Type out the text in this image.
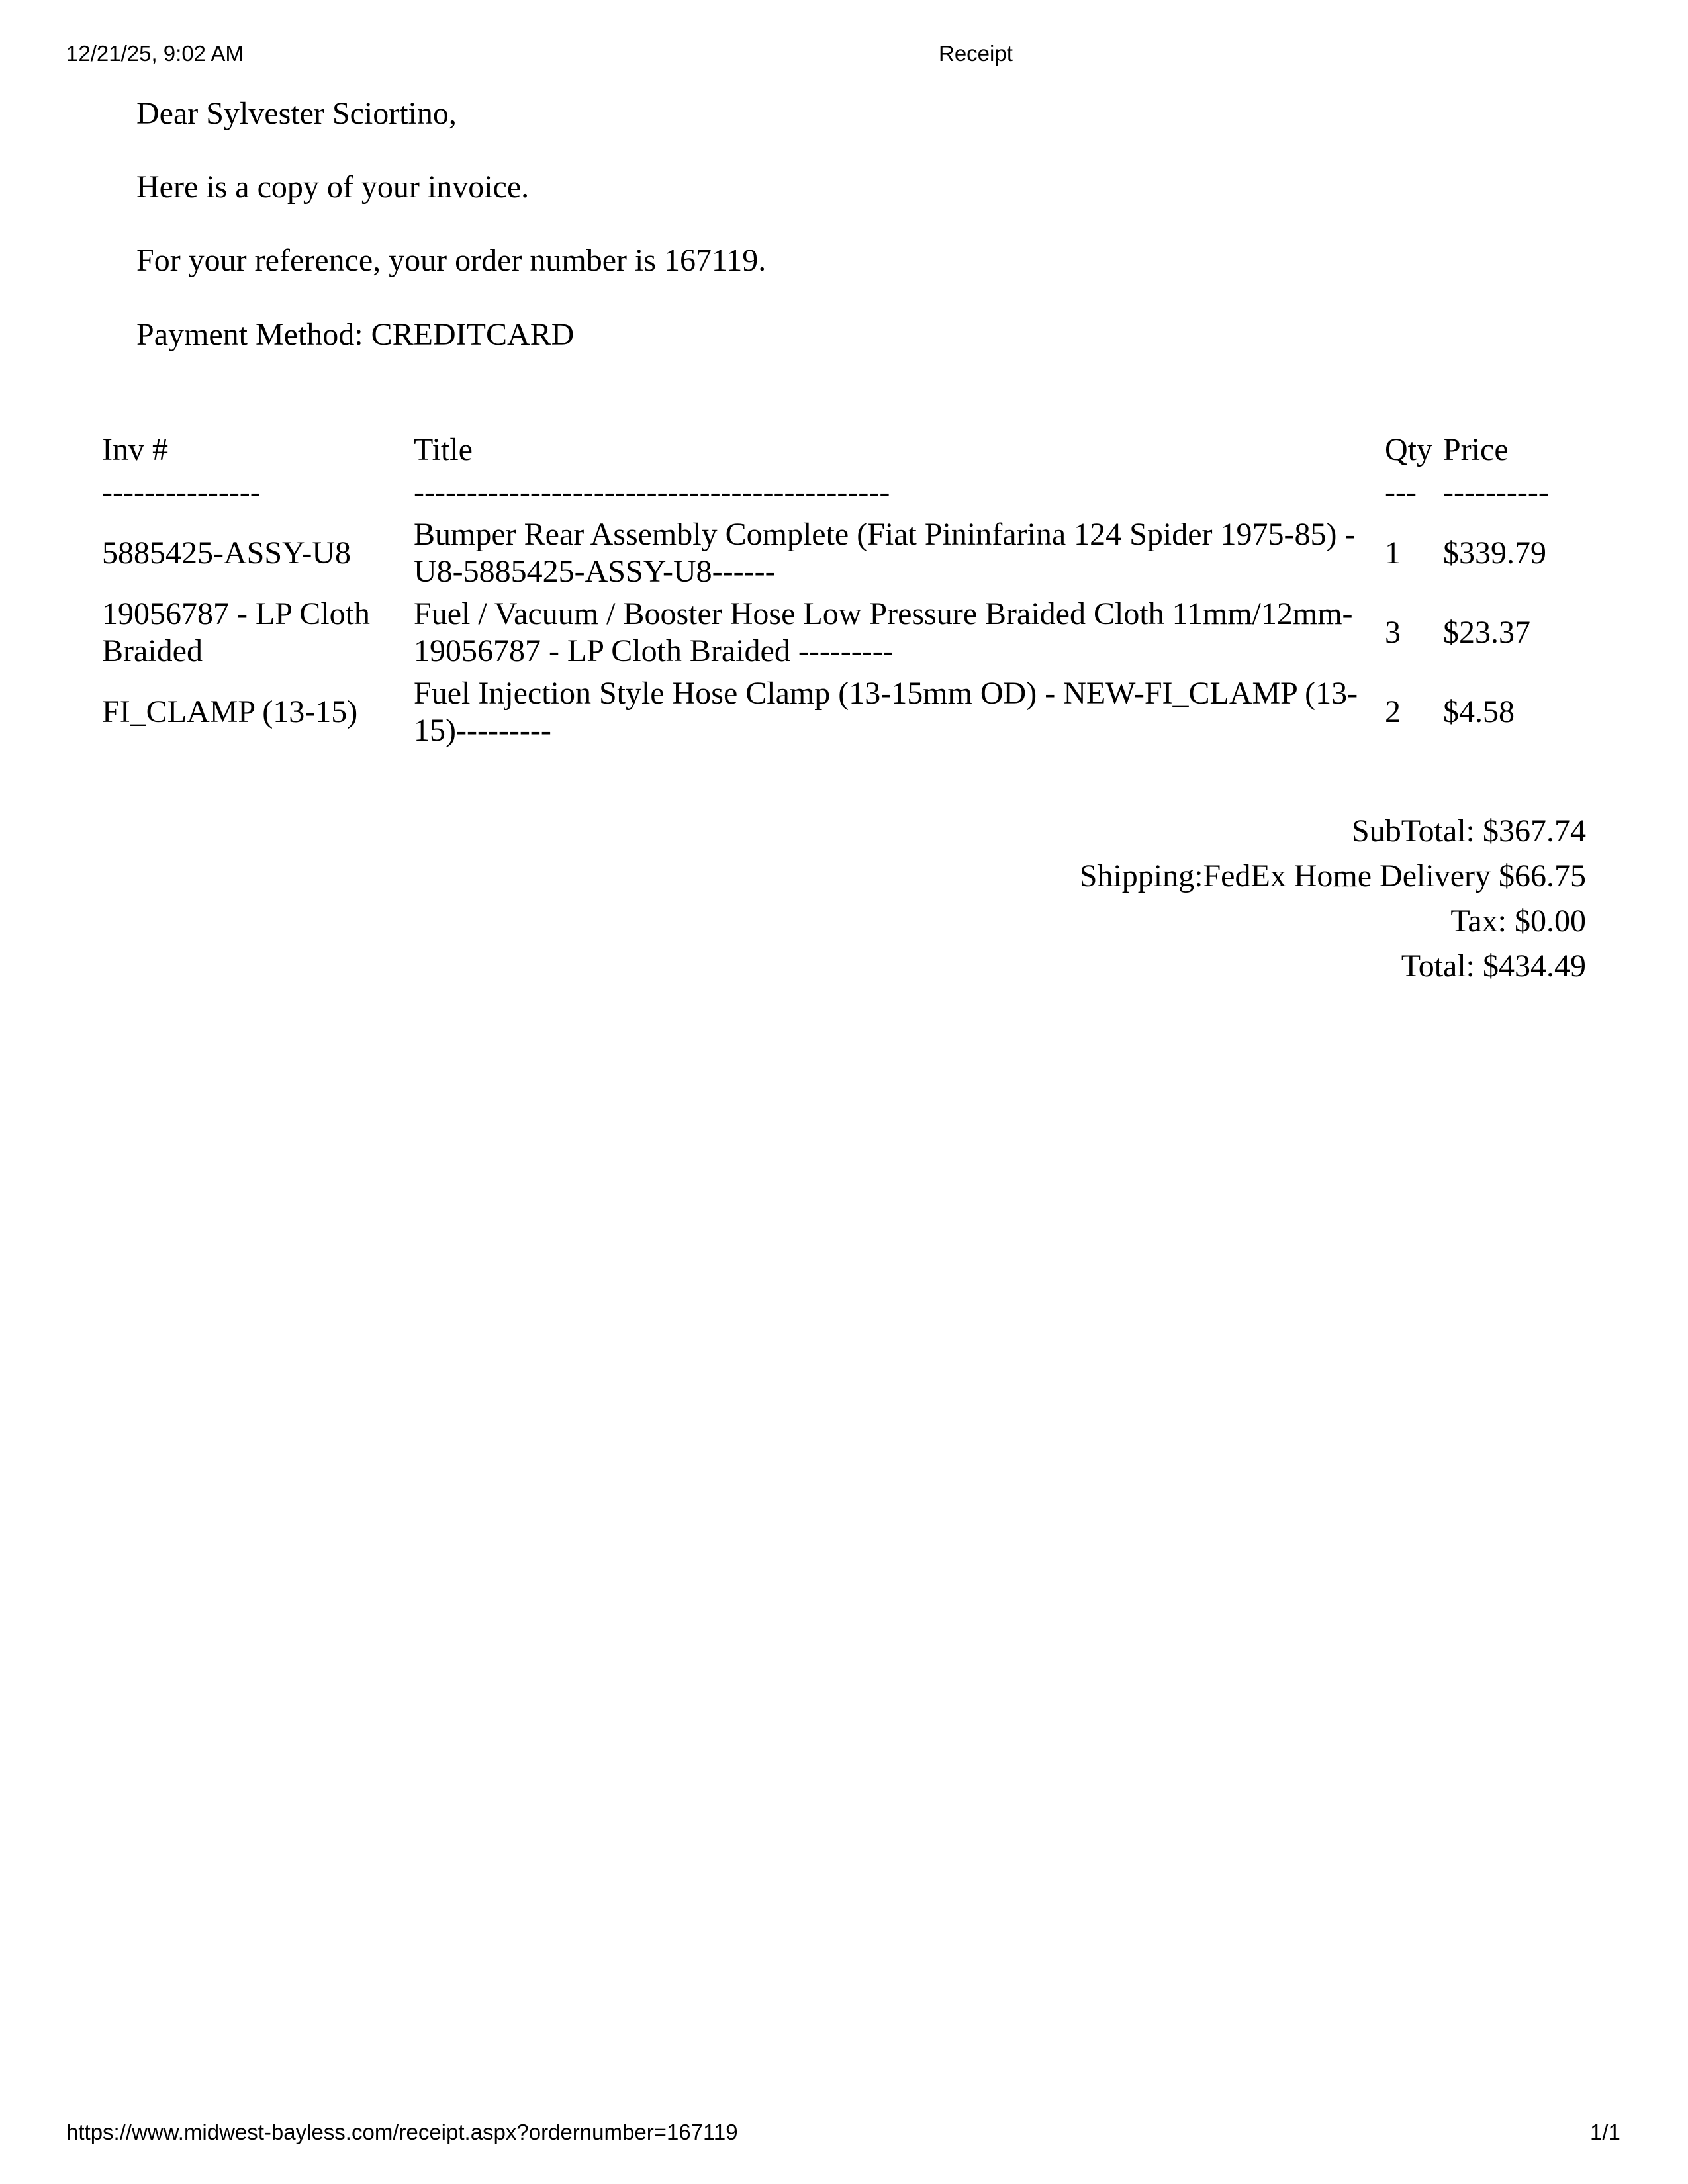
12/21/25, 9:02 AM	Receipt
Dear Sylvester Sciortino,
Here is a copy of your invoice.
For your reference, your order number is 167119.
Payment Method: CREDITCARD
Inv #	Title	Qty	Price
---------------	---------------------------------------------	---	----------
5885425-ASSY-U8	Bumper Rear Assembly Complete (Fiat Pininfarina 124 Spider 1975-85) - U8-5885425-ASSY-U8------	1	$339.79
19056787 - LP Cloth Braided	Fuel / Vacuum / Booster Hose Low Pressure Braided Cloth 11mm/12mm- 19056787 - LP Cloth Braided ---------	3	$23.37
FI_CLAMP (13-15)	Fuel Injection Style Hose Clamp (13-15mm OD) - NEW-FI_CLAMP (13-15)---------	2	$4.58
SubTotal: $367.74
Shipping:FedEx Home Delivery $66.75
Tax: $0.00
Total: $434.49
https://www.midwest-bayless.com/receipt.aspx?ordernumber=167119	1/1
